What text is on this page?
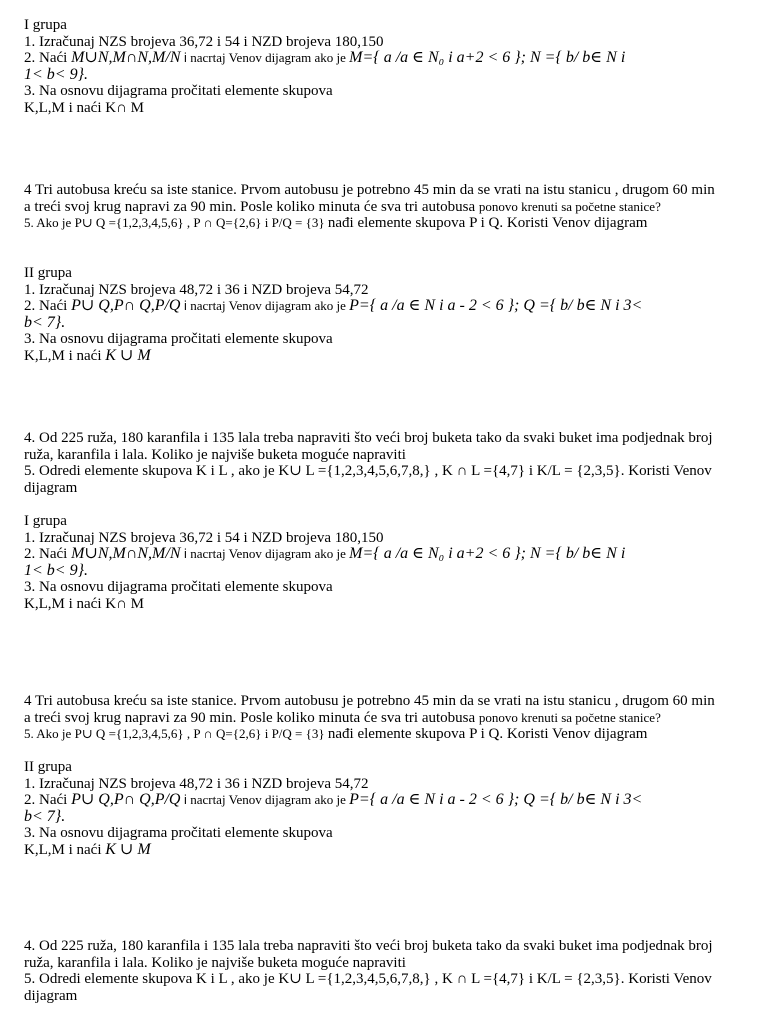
I grupa
1. Izračunaj NZS brojeva 36,72 i 54 i NZD brojeva 180,150
2. Naći M∪N,M∩N,M/N i nacrtaj Venov dijagram ako je M={ a /a ∈ N₀ i a+2 < 6 }; N ={ b/ b∈ N i
1< b< 9}.
3. Na osnovu dijagrama pročitati elemente skupova
K,L,M i naći K∩ M
4 Tri autobusa kreću sa iste stanice. Prvom autobusu je potrebno 45 min da se vrati na istu stanicu , drugom 60 min
a treći svoj krug napravi za 90 min. Posle koliko minuta će sva tri autobusa ponovo krenuti sa početne stanice?
5. Ako je P∪ Q ={1,2,3,4,5,6} , P ∩ Q={2,6} i P/Q = {3} nađi elemente skupova P i Q. Koristi Venov dijagram
II grupa
1. Izračunaj NZS brojeva 48,72 i 36 i NZD brojeva 54,72
2. Naći P∪ Q,P∩ Q,P/Q i nacrtaj Venov dijagram ako je P={ a /a ∈ N i a - 2 < 6 }; Q ={ b/ b∈ N i 3<
b< 7}.
3. Na osnovu dijagrama pročitati elemente skupova
K,L,M i naći K ∪ M
4. Od 225 ruža, 180 karanfila i 135 lala treba napraviti što veći broj buketa tako da svaki buket ima podjednak broj
ruža, karanfila i lala. Koliko je najviše buketa moguće napraviti
5. Odredi elemente skupova K i L , ako je K∪ L ={1,2,3,4,5,6,7,8,} , K ∩ L ={4,7} i K/L = {2,3,5}. Koristi Venov
dijagram
I grupa
1. Izračunaj NZS brojeva 36,72 i 54 i NZD brojeva 180,150
2. Naći M∪N,M∩N,M/N i nacrtaj Venov dijagram ako je M={ a /a ∈ N₀ i a+2 < 6 }; N ={ b/ b∈ N i
1< b< 9}.
3. Na osnovu dijagrama pročitati elemente skupova
K,L,M i naći K∩ M
4 Tri autobusa kreću sa iste stanice. Prvom autobusu je potrebno 45 min da se vrati na istu stanicu , drugom 60 min
a treći svoj krug napravi za 90 min. Posle koliko minuta će sva tri autobusa ponovo krenuti sa početne stanice?
5. Ako je P∪ Q ={1,2,3,4,5,6} , P ∩ Q={2,6} i P/Q = {3} nađi elemente skupova P i Q. Koristi Venov dijagram
II grupa
1. Izračunaj NZS brojeva 48,72 i 36 i NZD brojeva 54,72
2. Naći P∪ Q,P∩ Q,P/Q i nacrtaj Venov dijagram ako je P={ a /a ∈ N i a - 2 < 6 }; Q ={ b/ b∈ N i 3<
b< 7}.
3. Na osnovu dijagrama pročitati elemente skupova
K,L,M i naći K ∪ M
4. Od 225 ruža, 180 karanfila i 135 lala treba napraviti što veći broj buketa tako da svaki buket ima podjednak broj
ruža, karanfila i lala. Koliko je najviše buketa moguće napraviti
5. Odredi elemente skupova K i L , ako je K∪ L ={1,2,3,4,5,6,7,8,} , K ∩ L ={4,7} i K/L = {2,3,5}. Koristi Venov
dijagram
